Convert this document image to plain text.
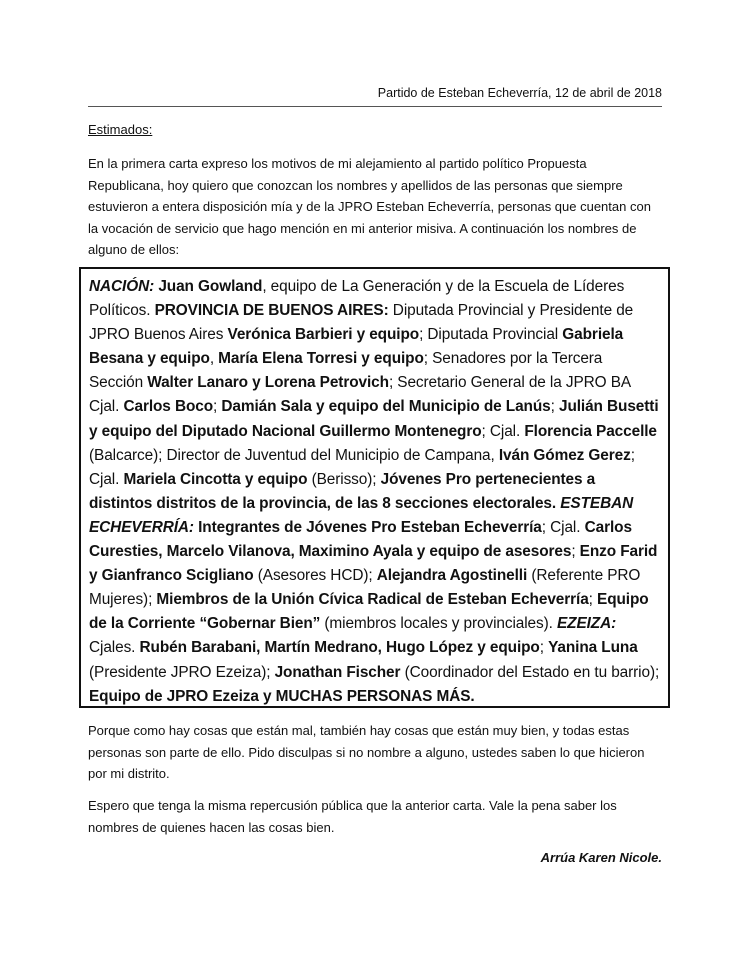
Partido de Esteban Echeverría, 12 de abril de 2018
Estimados:
En la primera carta expreso los motivos de mi alejamiento al partido político Propuesta Republicana, hoy quiero que conozcan los nombres y apellidos de las personas que siempre estuvieron a entera disposición mía y de la JPRO Esteban Echeverría, personas que cuentan con la vocación de servicio que hago mención en mi anterior misiva. A continuación los nombres de alguno de ellos:
NACIÓN: Juan Gowland, equipo de La Generación y de la Escuela de Líderes Políticos. PROVINCIA DE BUENOS AIRES: Diputada Provincial y Presidente de JPRO Buenos Aires Verónica Barbieri y equipo; Diputada Provincial Gabriela Besana y equipo, María Elena Torresi y equipo; Senadores por la Tercera Sección Walter Lanaro y Lorena Petrovich; Secretario General de la JPRO BA Cjal. Carlos Boco; Damián Sala y equipo del Municipio de Lanús; Julián Busetti y equipo del Diputado Nacional Guillermo Montenegro; Cjal. Florencia Paccelle (Balcarce); Director de Juventud del Municipio de Campana, Iván Gómez Gerez; Cjal. Mariela Cincotta y equipo (Berisso); Jóvenes Pro pertenecientes a distintos distritos de la provincia, de las 8 secciones electorales. ESTEBAN ECHEVERRÍA: Integrantes de Jóvenes Pro Esteban Echeverría; Cjal. Carlos Curesties, Marcelo Vilanova, Maximino Ayala y equipo de asesores; Enzo Farid y Gianfranco Scigliano (Asesores HCD); Alejandra Agostinelli (Referente PRO Mujeres); Miembros de la Unión Cívica Radical de Esteban Echeverría; Equipo de la Corriente “Gobernar Bien” (miembros locales y provinciales). EZEIZA: Cjales. Rubén Barabani, Martín Medrano, Hugo López y equipo; Yanina Luna (Presidente JPRO Ezeiza); Jonathan Fischer (Coordinador del Estado en tu barrio); Equipo de JPRO Ezeiza y MUCHAS PERSONAS MÁS.
Porque como hay cosas que están mal, también hay cosas que están muy bien, y todas estas personas son parte de ello. Pido disculpas si no nombre a alguno, ustedes saben lo que hicieron por mi distrito.
Espero que tenga la misma repercusión pública que la anterior carta. Vale la pena saber los nombres de quienes hacen las cosas bien.
Arrúa Karen Nicole.
